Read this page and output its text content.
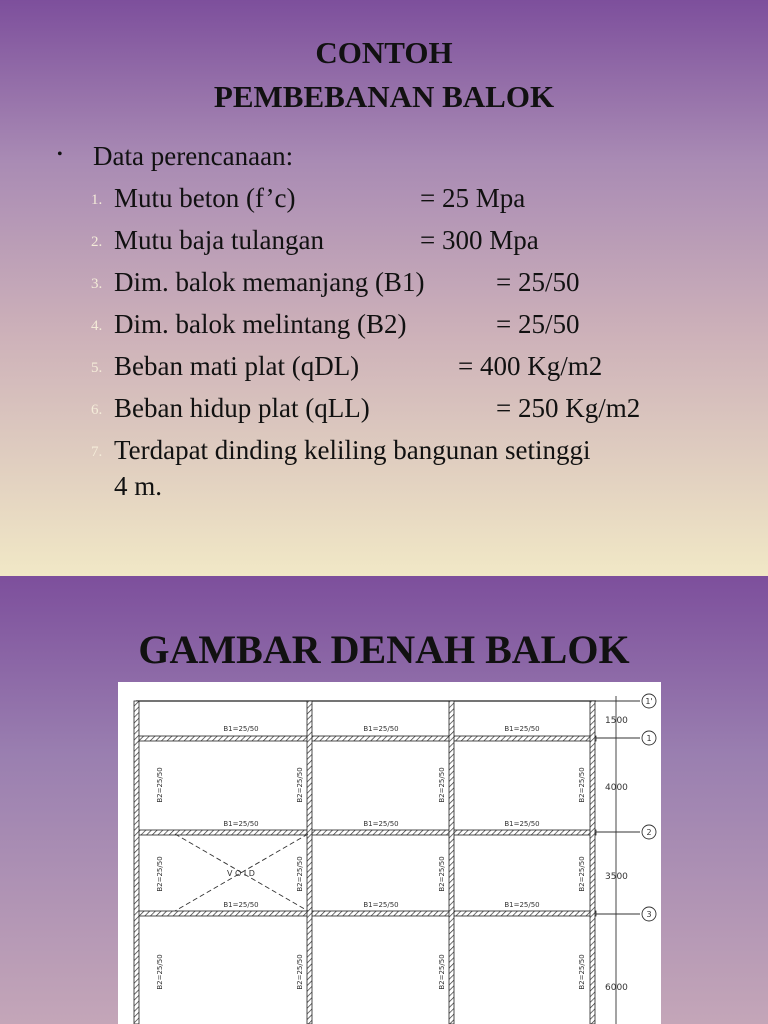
CONTOH
PEMBEBANAN BALOK
• Data perencanaan:
1. Mutu beton (f’c)	= 25 Mpa
2. Mutu baja tulangan	= 300 Mpa
3. Dim. balok memanjang (B1)	= 25/50
4. Dim. balok melintang (B2)	= 25/50
5. Beban mati plat (qDL)	= 400 Kg/m2
6. Beban hidup plat (qLL)	= 250 Kg/m2
7. Terdapat dinding keliling bangunan setinggi
4 m.
GAMBAR DENAH BALOK
V O I D
B1=25/50	B1=25/50	B1=25/50
B1=25/50	B1=25/50	B1=25/50
B1=25/50	B1=25/50	B1=25/50
B2=25/50	B2=25/50	B2=25/50	B2=25/50
B2=25/50	B2=25/50	B2=25/50	B2=25/50
B2=25/50	B2=25/50	B2=25/50	B2=25/50
1500
4000
3500
6000
1'
1
2
3
